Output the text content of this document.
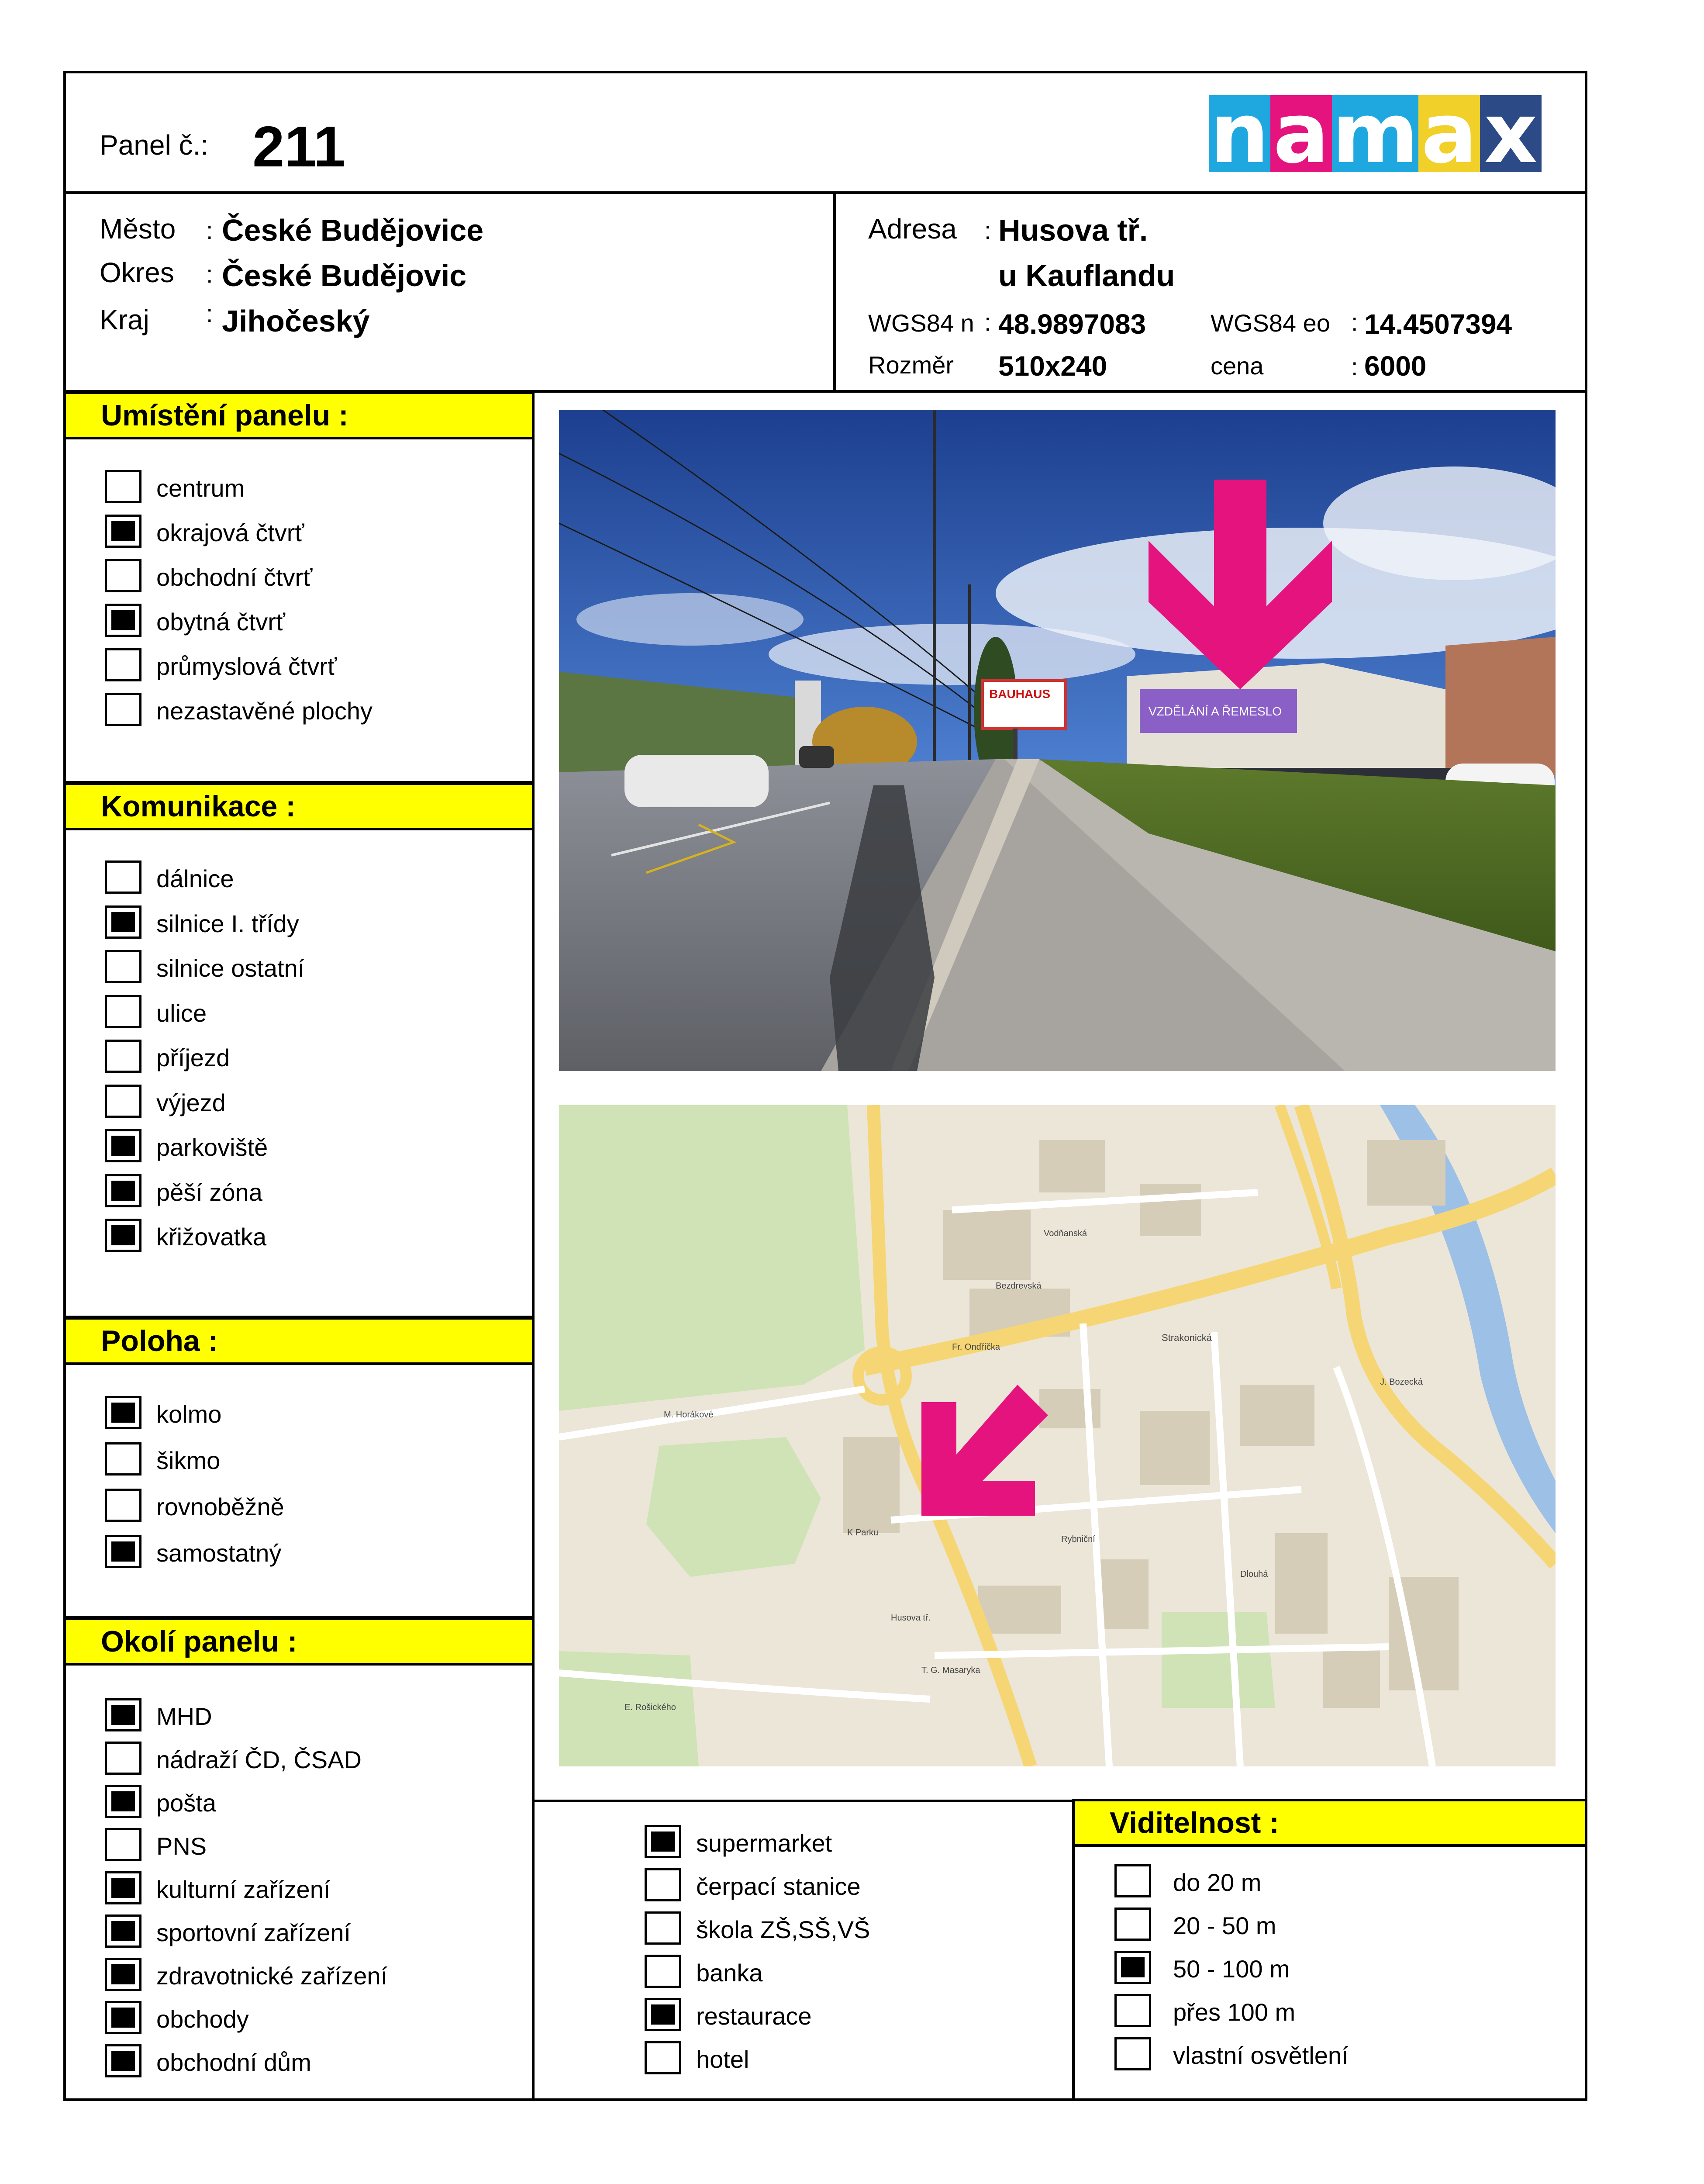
Panel č.: 211	n a m a x
Město : České Budějovice
Okres : České Budějovic
Kraj : Jihočeský
Adresa : Husova tř.
u Kauflandu
WGS84 n : 48.9897083	WGS84 eo : 14.4507394
Rozměr 510x240	cena	: 6000
Umístění panelu :
Komunikace :
Poloha :
Okolí panelu :
Viditelnost :
centrum
okrajová čtvrť
obchodní čtvrť
obytná čtvrť
průmyslová čtvrť
nezastavěné plochy
dálnice
silnice I. třídy
silnice ostatní
ulice
příjezd
výjezd
parkoviště
pěší zóna
křižovatka
kolmo
šikmo
rovnoběžně
samostatný
MHD
nádraží ČD, ČSAD
pošta
PNS
kulturní zařízení
sportovní zařízení
zdravotnické zařízení
obchody
obchodní dům
supermarket
čerpací stanice
škola ZŠ,SŠ,VŠ
banka
restaurace
hotel
do 20 m
20 - 50 m
50 - 100 m
přes 100 m
vlastní osvětlení
VZDĚLÁNÍ A ŘEMESLO
BAUHAUS
Strakonická
Husova tř.
Fr. Ondříčka
K Parku
T. G. Masaryka
E. Rošického
M. Horákové
Bezdrevská
Vodňanská
J. Bozecká
Dlouhá
Rybniční
